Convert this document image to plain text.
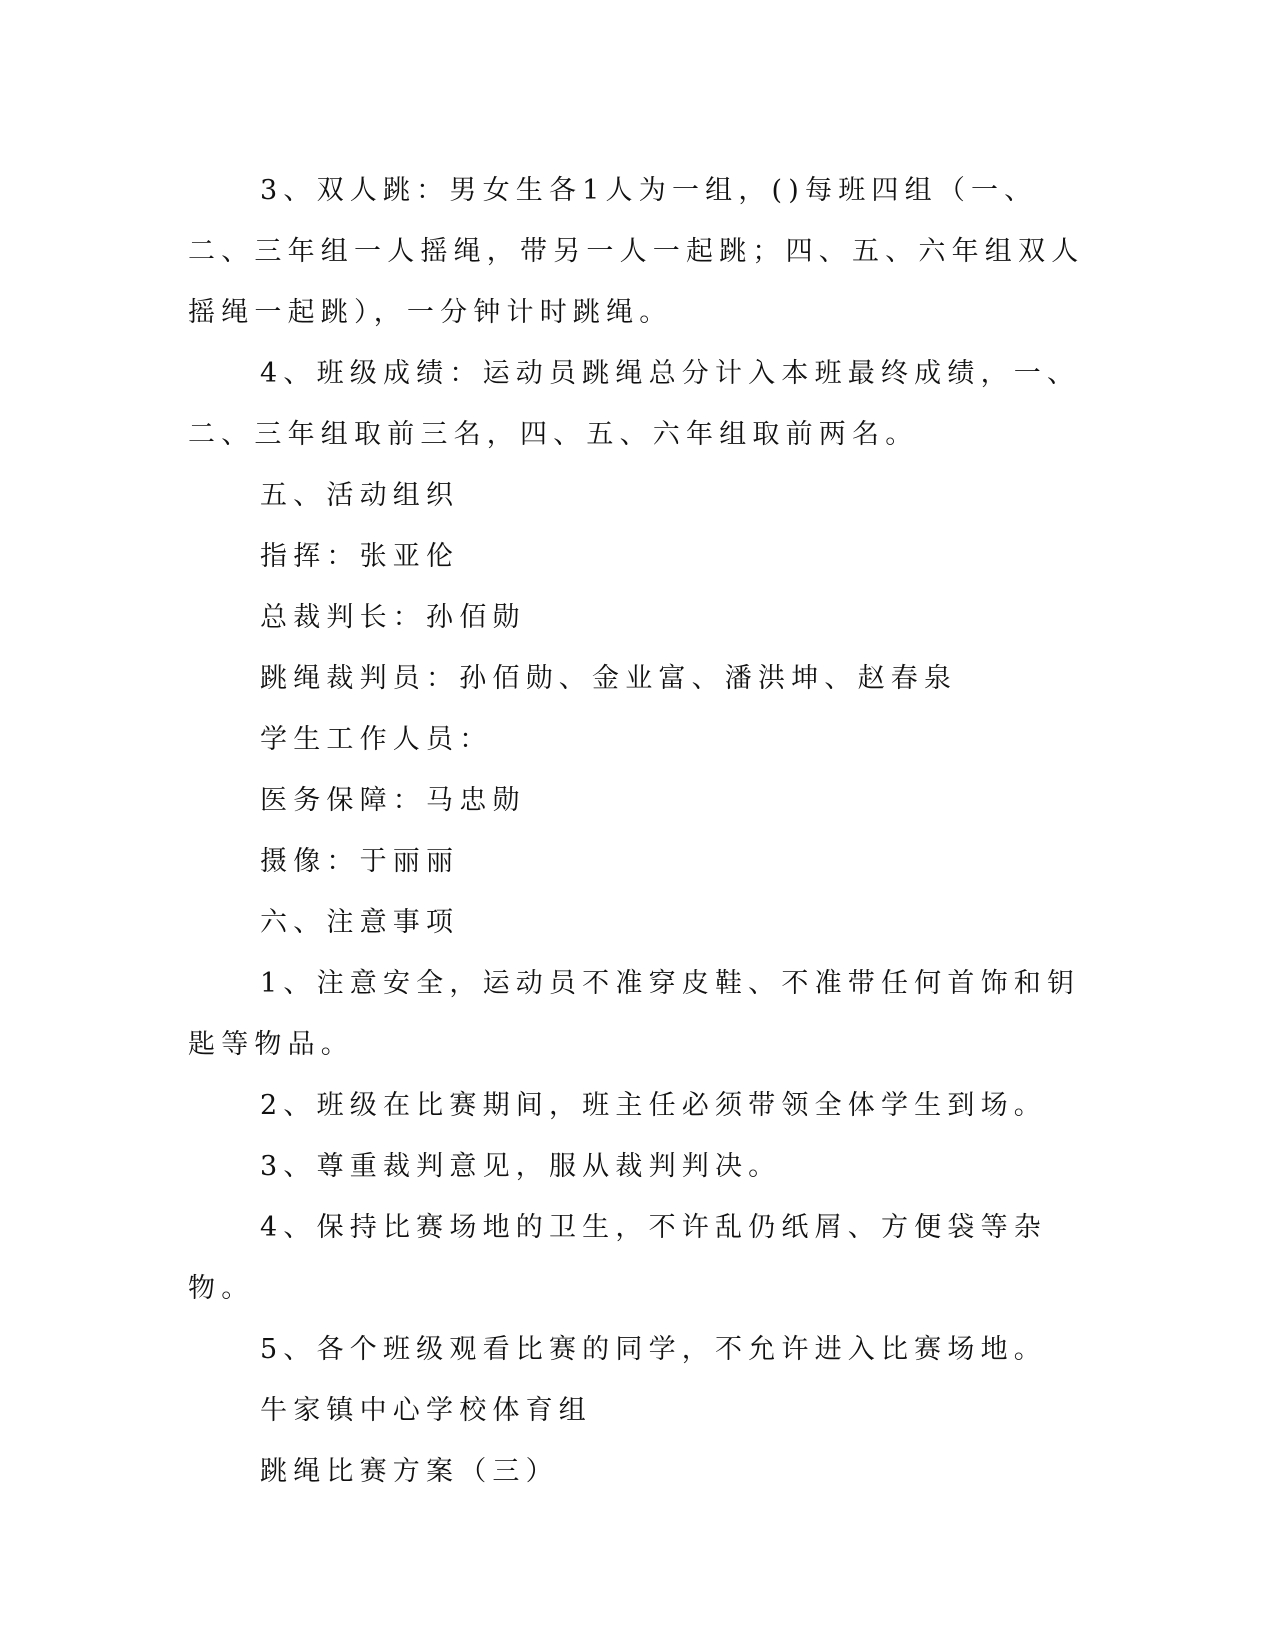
3、双人跳：男女生各1人为一组，()每班四组（一、二、三年组一人摇绳，带另一人一起跳；四、五、六年组双人摇绳一起跳），一分钟计时跳绳。

4、班级成绩：运动员跳绳总分计入本班最终成绩，一、二、三年组取前三名，四、五、六年组取前两名。

五、活动组织

指挥：张亚伦

总裁判长：孙佰勋

跳绳裁判员：孙佰勋、金业富、潘洪坤、赵春泉

学生工作人员：

医务保障：马忠勋

摄像：于丽丽

六、注意事项

1、注意安全，运动员不准穿皮鞋、不准带任何首饰和钥匙等物品。

2、班级在比赛期间，班主任必须带领全体学生到场。

3、尊重裁判意见，服从裁判判决。

4、保持比赛场地的卫生，不许乱仍纸屑、方便袋等杂物。

5、各个班级观看比赛的同学，不允许进入比赛场地。

牛家镇中心学校体育组

跳绳比赛方案（三）
